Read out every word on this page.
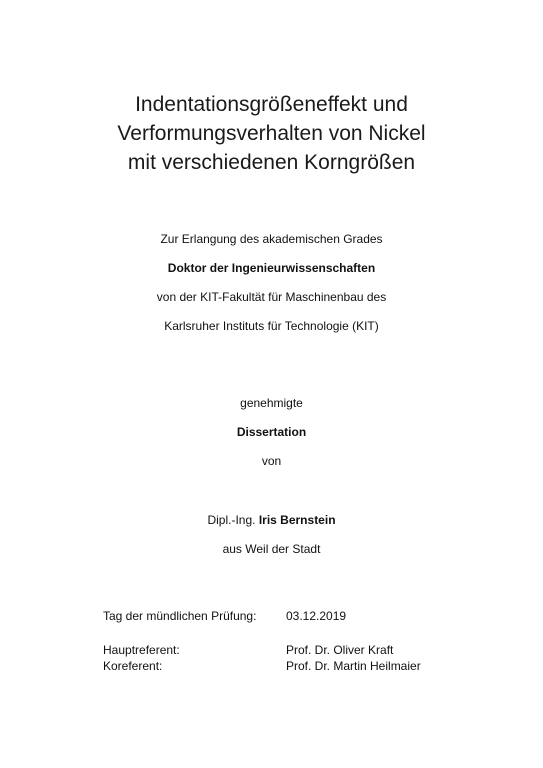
Indentationsgrößeneffekt und
Verformungsverhalten von Nickel
mit verschiedenen Korngrößen
Zur Erlangung des akademischen Grades
Doktor der Ingenieurwissenschaften
von der KIT-Fakultät für Maschinenbau des
Karlsruher Instituts für Technologie (KIT)
genehmigte
Dissertation
von
Dipl.-Ing. Iris Bernstein
aus Weil der Stadt
Tag der mündlichen Prüfung: 03.12.2019
Hauptreferent:	Prof. Dr. Oliver Kraft
Koreferent:	Prof. Dr. Martin Heilmaier
